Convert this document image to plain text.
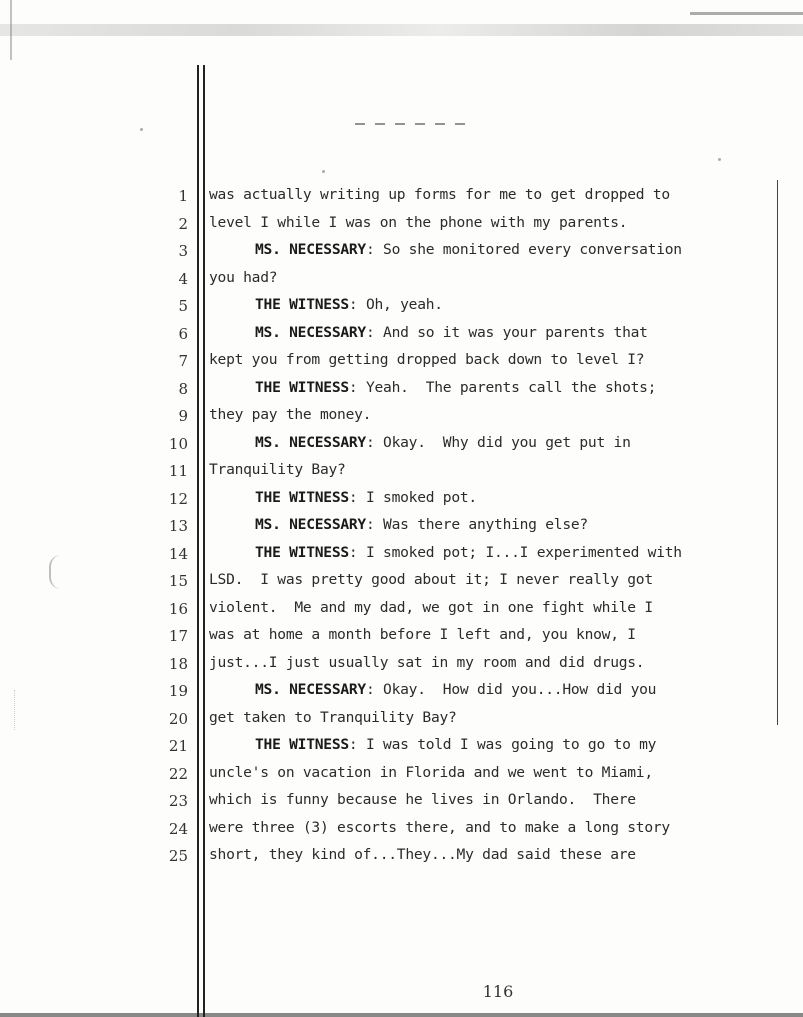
1 was actually writing up forms for me to get dropped to
2 level I while I was on the phone with my parents.
3	MS. NECESSARY: So she monitored every conversation
4 you had?
5	THE WITNESS: Oh, yeah.
6	MS. NECESSARY: And so it was your parents that
7 kept you from getting dropped back down to level I?
8	THE WITNESS: Yeah.  The parents call the shots;
9 they pay the money.
10	MS. NECESSARY: Okay.  Why did you get put in
11 Tranquility Bay?
12	THE WITNESS: I smoked pot.
13	MS. NECESSARY: Was there anything else?
14	THE WITNESS: I smoked pot; I...I experimented with
15 LSD.  I was pretty good about it; I never really got
16 violent.  Me and my dad, we got in one fight while I
17 was at home a month before I left and, you know, I
18 just...I just usually sat in my room and did drugs.
19	MS. NECESSARY: Okay.  How did you...How did you
20 get taken to Tranquility Bay?
21	THE WITNESS: I was told I was going to go to my
22 uncle's on vacation in Florida and we went to Miami,
23 which is funny because he lives in Orlando.  There
24 were three (3) escorts there, and to make a long story
25 short, they kind of...They...My dad said these are
116
